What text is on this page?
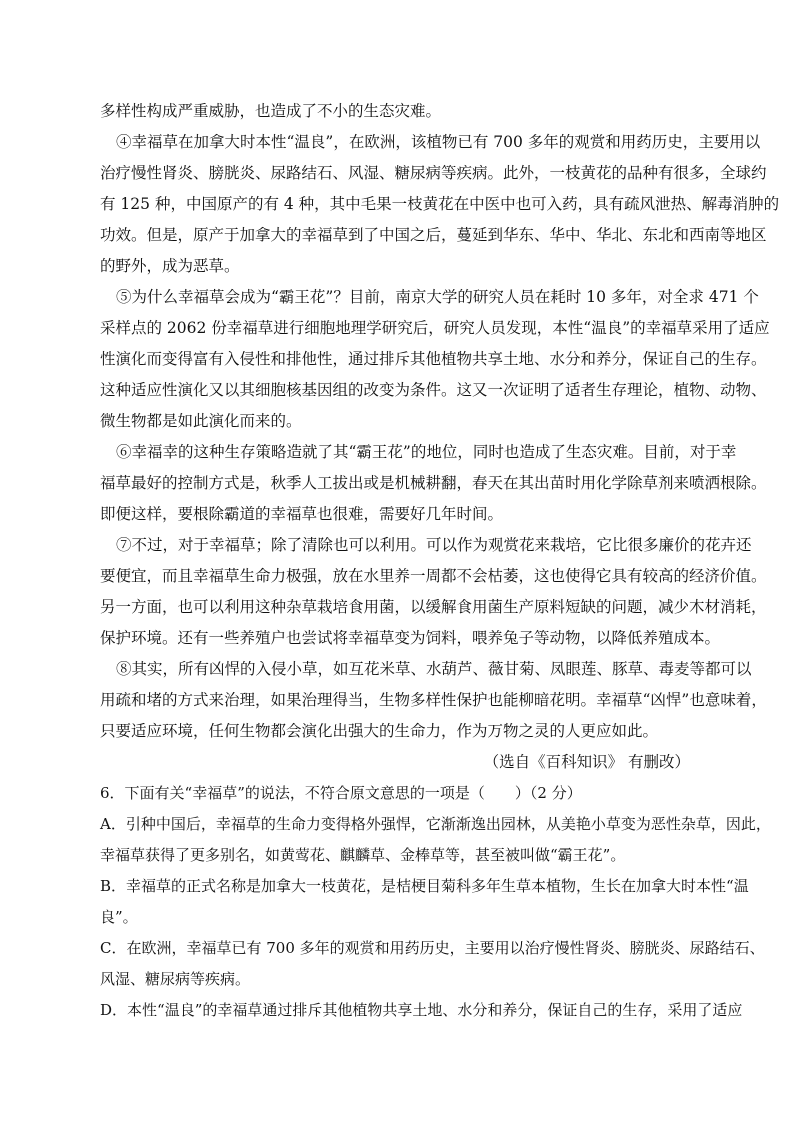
多样性构成严重威胁，也造成了不小的生态灾难。
④幸福草在加拿大时本性“温良”，在欧洲，该植物已有 700 多年的观赏和用药历史，主要用以
治疗慢性肾炎、膀胱炎、尿路结石、风湿、糖尿病等疾病。此外，一枝黄花的品种有很多，全球约
有 125 种，中国原产的有 4 种，其中毛果一枝黄花在中医中也可入药，具有疏风泄热、解毒消肿的
功效。但是，原产于加拿大的幸福草到了中国之后，蔓延到华东、华中、华北、东北和西南等地区
的野外，成为恶草。
⑤为什么幸福草会成为“霸王花”？目前，南京大学的研究人员在耗时 10 多年，对全求 471 个
采样点的 2062 份幸福草进行细胞地理学研究后，研究人员发现，本性“温良”的幸福草采用了适应
性演化而变得富有入侵性和排他性，通过排斥其他植物共享土地、水分和养分，保证自己的生存。
这种适应性演化又以其细胞核基因组的改变为条件。这又一次证明了适者生存理论，植物、动物、
微生物都是如此演化而来的。
⑥幸福幸的这种生存策略造就了其“霸王花”的地位，同时也造成了生态灾难。目前，对于幸
福草最好的控制方式是，秋季人工拔出或是机械耕翻，春天在其出苗时用化学除草剂来喷洒根除。
即便这样，要根除霸道的幸福草也很难，需要好几年时间。
⑦不过，对于幸福草；除了清除也可以利用。可以作为观赏花来栽培，它比很多廉价的花卉还
要便宜，而且幸福草生命力极强，放在水里养一周都不会枯萎，这也使得它具有较高的经济价值。
另一方面，也可以利用这种杂草栽培食用菌，以缓解食用菌生产原料短缺的问题，减少木材消耗，
保护环境。还有一些养殖户也尝试将幸福草变为饲料，喂养兔子等动物，以降低养殖成本。
⑧其实，所有凶悍的入侵小草，如互花米草、水葫芦、薇甘菊、凤眼莲、豚草、毒麦等都可以
用疏和堵的方式来治理，如果治理得当，生物多样性保护也能柳暗花明。幸福草“凶悍”也意味着，
只要适应环境，任何生物都会演化出强大的生命力，作为万物之灵的人更应如此。
（选自《百科知识》 有删改）
6．下面有关“幸福草”的说法，不符合原文意思的一项是（　　）（2 分）
A．引种中国后，幸福草的生命力变得格外强悍，它渐渐逸出园林，从美艳小草变为恶性杂草，因此，
幸福草获得了更多别名，如黄莺花、麒麟草、金棒草等，甚至被叫做“霸王花”。
B．幸福草的正式名称是加拿大一枝黄花，是桔梗目菊科多年生草本植物，生长在加拿大时本性“温
良”。
C．在欧洲，幸福草已有 700 多年的观赏和用药历史，主要用以治疗慢性肾炎、膀胱炎、尿路结石、
风湿、糖尿病等疾病。
D．本性“温良”的幸福草通过排斥其他植物共享土地、水分和养分，保证自己的生存，采用了适应
